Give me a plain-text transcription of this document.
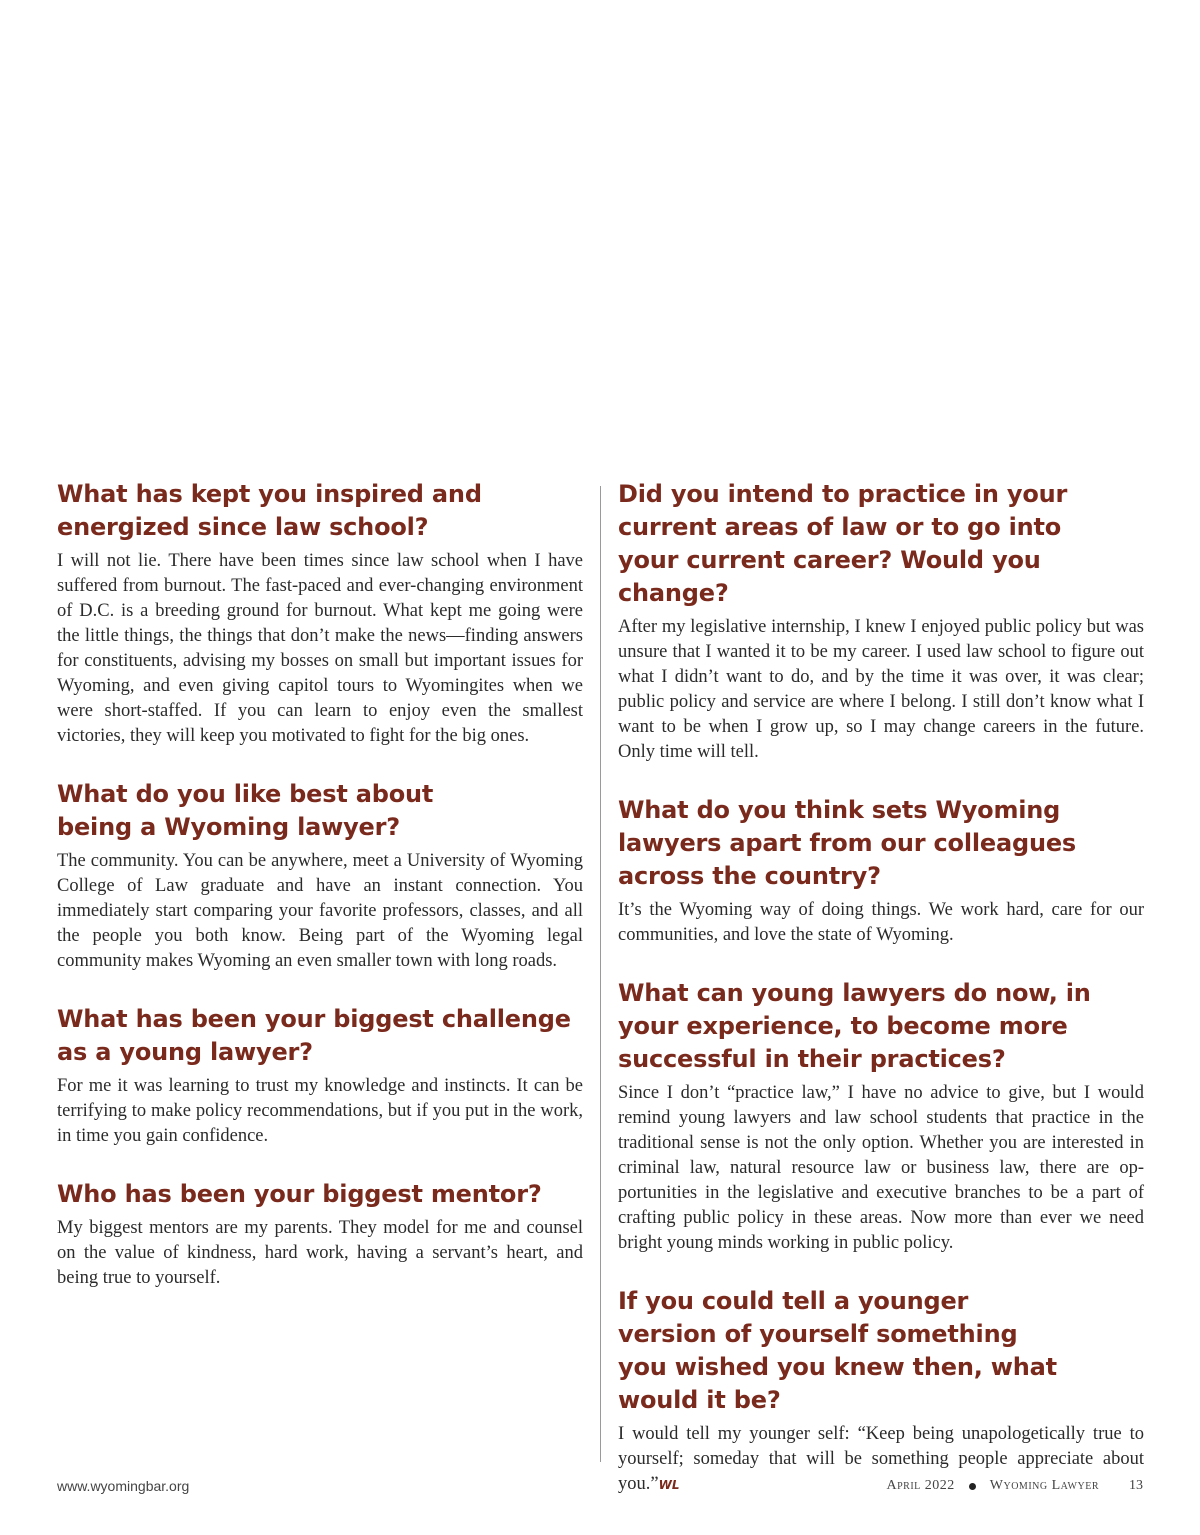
What has kept you inspired and energized since law school?

I will not lie. There have been times since law school when I have suffered from burnout. The fast-paced and ever-changing environment of D.C. is a breeding ground for burnout. What kept me going were the little things, the things that don’t make the news—finding answers for constituents, advising my bosses on small but important issues for Wyoming, and even giving capitol tours to Wyomingites when we were short-staffed. If you can learn to enjoy even the smallest victories, they will keep you motivated to fight for the big ones.

What do you like best about being a Wyoming lawyer?

The community. You can be anywhere, meet a University of Wyoming College of Law graduate and have an instant connection. You immediately start comparing your favorite professors, classes, and all the people you both know. Being part of the Wyoming legal community makes Wyoming an even smaller town with long roads.

What has been your biggest challenge as a young lawyer?

For me it was learning to trust my knowledge and instincts. It can be terrifying to make policy recommendations, but if you put in the work, in time you gain confidence.

Who has been your biggest mentor?

My biggest mentors are my parents. They model for me and counsel on the value of kindness, hard work, having a servant’s heart, and being true to yourself.

Did you intend to practice in your current areas of law or to go into your current career? Would you change?

After my legislative internship, I knew I enjoyed public policy but was unsure that I wanted it to be my career. I used law school to figure out what I didn’t want to do, and by the time it was over, it was clear; public policy and service are where I belong. I still don’t know what I want to be when I grow up, so I may change careers in the future. Only time will tell.

What do you think sets Wyoming lawyers apart from our colleagues across the country?

It’s the Wyoming way of doing things. We work hard, care for our communities, and love the state of Wyoming.

What can young lawyers do now, in your experience, to become more successful in their practices?

Since I don’t “practice law,” I have no advice to give, but I would remind young lawyers and law school students that practice in the traditional sense is not the only option. Whether you are interested in criminal law, natural resource law or business law, there are opportunities in the legislative and executive branches to be a part of crafting public policy in these areas. Now more than ever we need bright young minds working in public policy.

If you could tell a younger version of yourself something you wished you knew then, what would it be?

I would tell my younger self: “Keep being unapologetically true to yourself; someday that will be something people appreciate about you.”WL

www.wyomingbar.org	April 2022	Wyoming Lawyer 13
